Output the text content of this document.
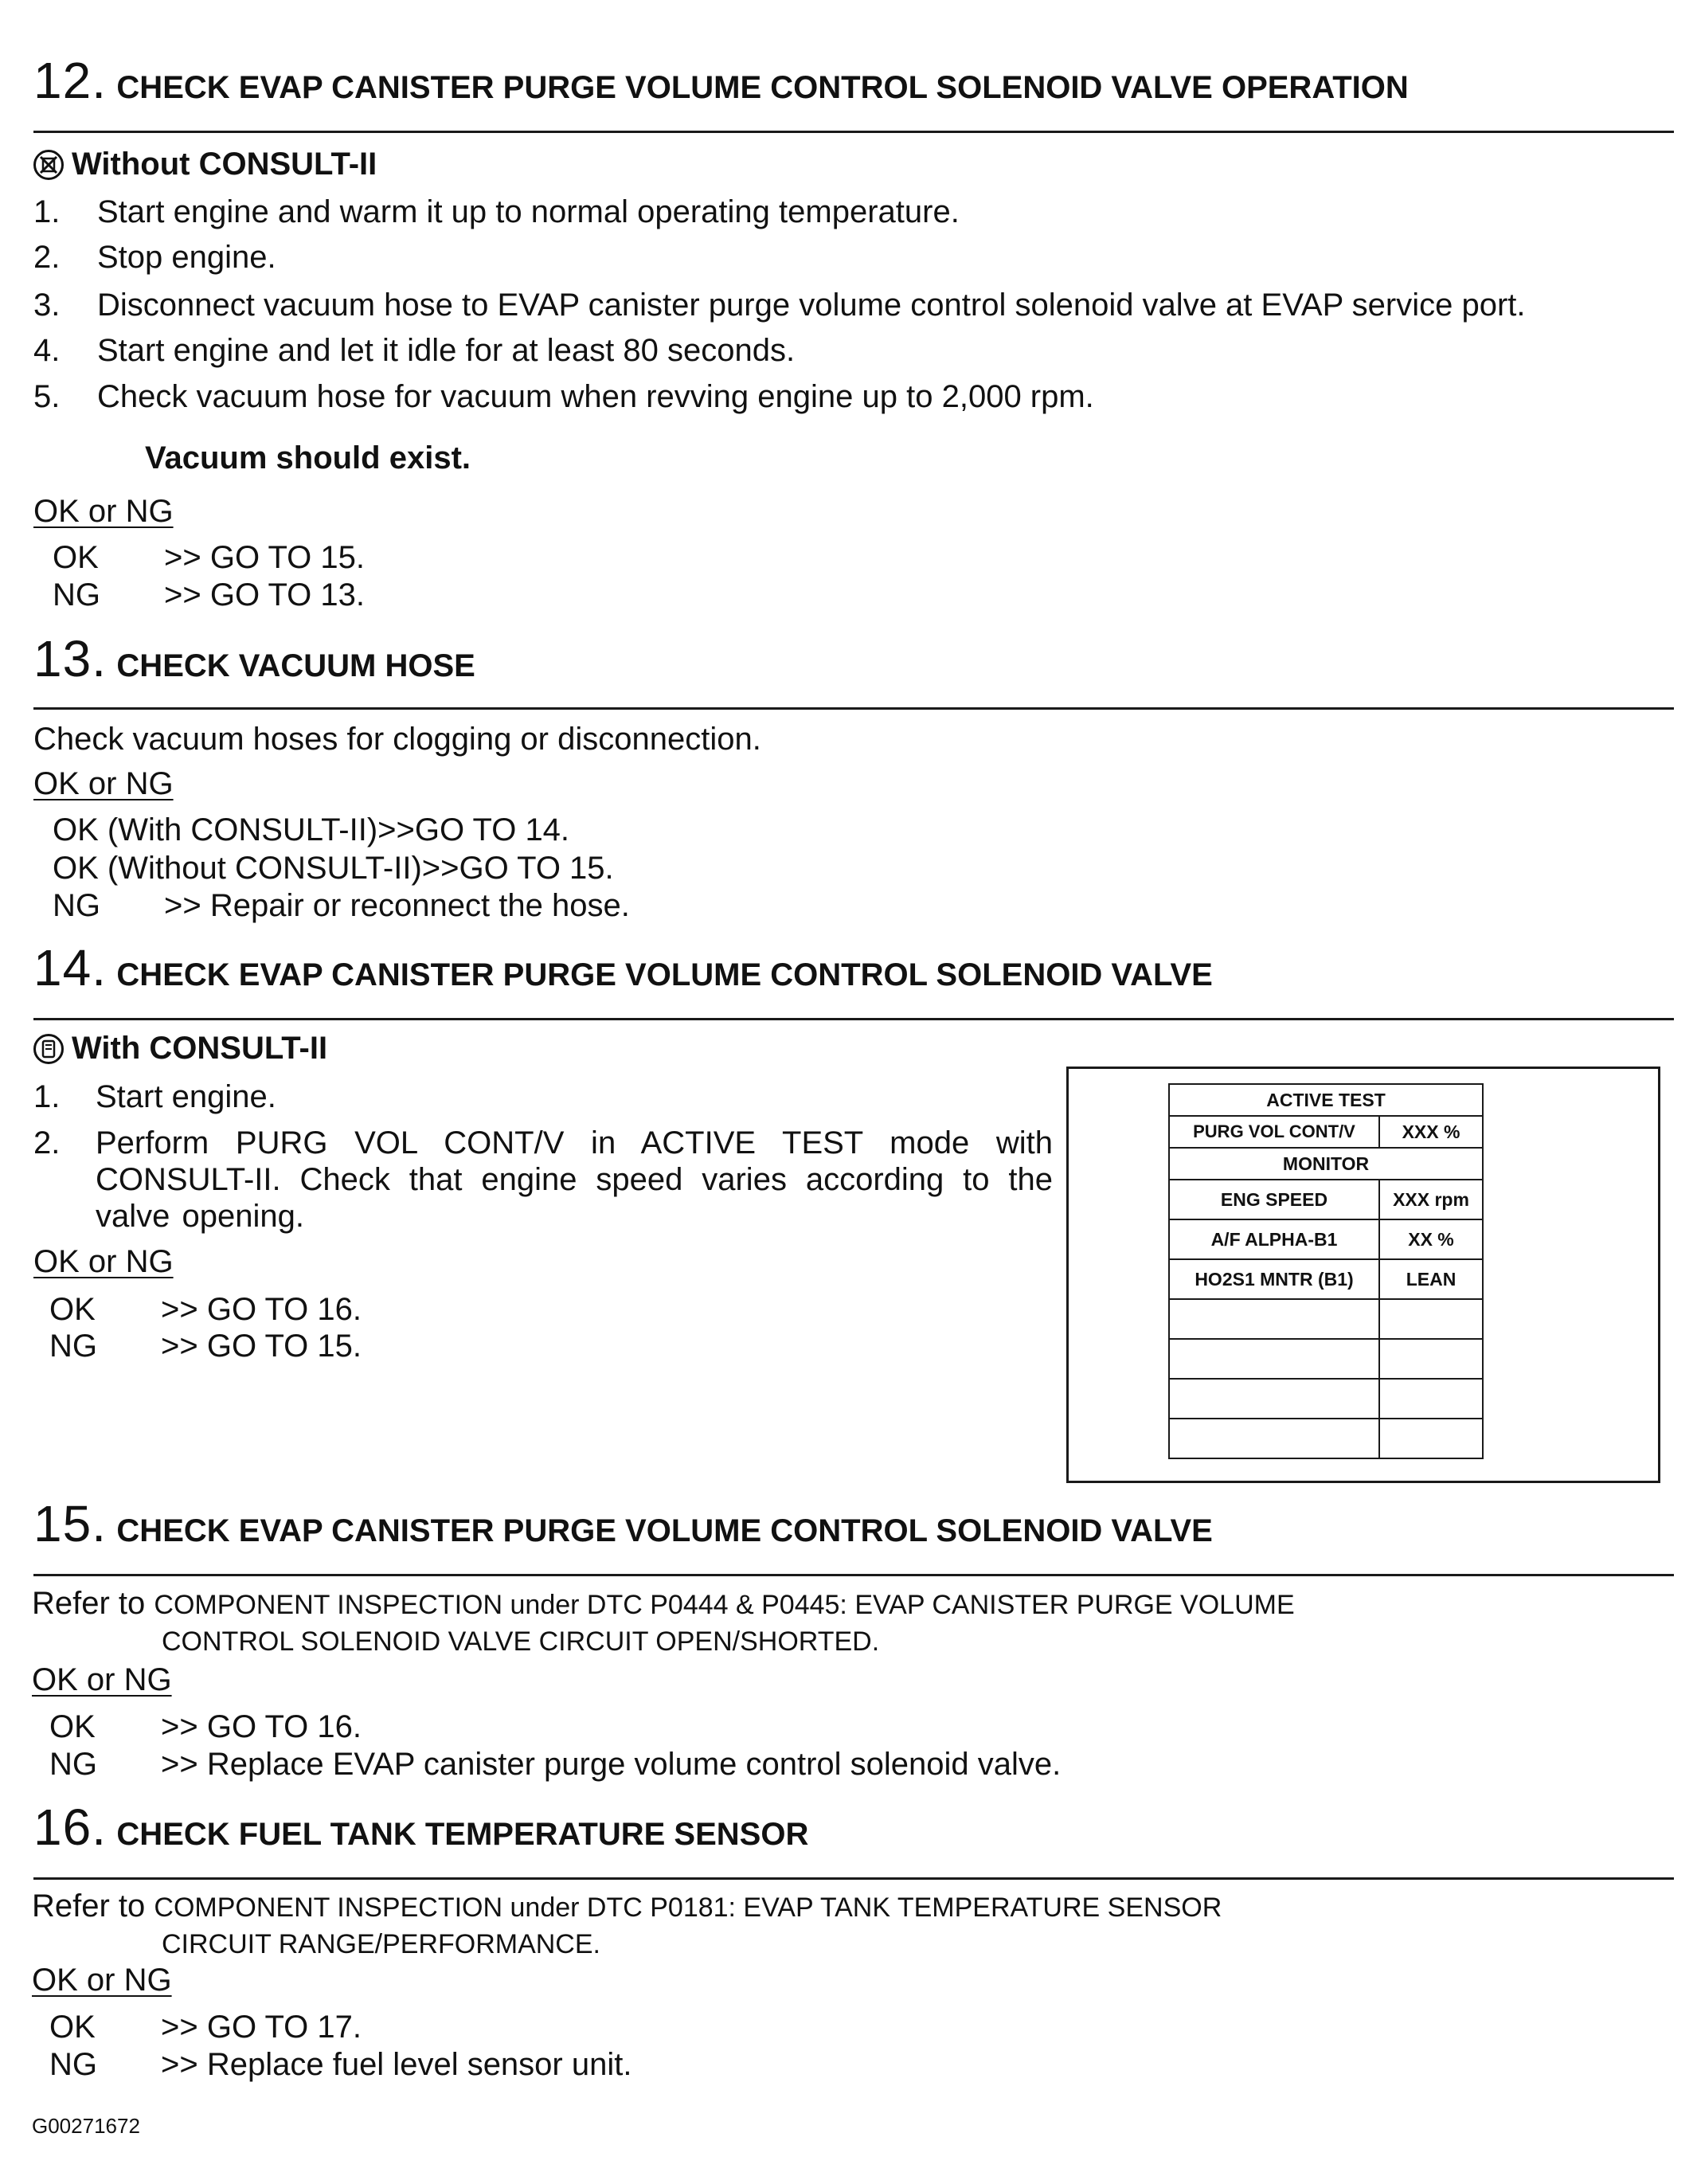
12. CHECK EVAP CANISTER PURGE VOLUME CONTROL SOLENOID VALVE OPERATION
Without CONSULT-II
1.	Start engine and warm it up to normal operating temperature.
2.	Stop engine.
3.	Disconnect vacuum hose to EVAP canister purge volume control solenoid valve at EVAP service port.
4.	Start engine and let it idle for at least 80 seconds.
5.	Check vacuum hose for vacuum when revving engine up to 2,000 rpm.
Vacuum should exist.
OK or NG
OK >> GO TO 15.
NG >> GO TO 13.
13. CHECK VACUUM HOSE
Check vacuum hoses for clogging or disconnection.
OK or NG
OK (With CONSULT-II)>>GO TO 14.
OK (Without CONSULT-II)>>GO TO 15.
NG >> Repair or reconnect the hose.
14. CHECK EVAP CANISTER PURGE VOLUME CONTROL SOLENOID VALVE
With CONSULT-II
1.	Start engine.
2.	Perform PURG VOL CONT/V in ACTIVE TEST mode with CONSULT-II. Check that engine speed varies according to the valve opening.
OK or NG
OK >> GO TO 16.
NG >> GO TO 15.
ACTIVE TEST	
PURG VOL CONT/V	XXX %
MONITOR	
ENG SPEED	XXX rpm
A/F ALPHA-B1	XX %
HO2S1 MNTR (B1)	LEAN

15. CHECK EVAP CANISTER PURGE VOLUME CONTROL SOLENOID VALVE
Refer to COMPONENT INSPECTION under DTC P0444 & P0445: EVAP CANISTER PURGE VOLUME
CONTROL SOLENOID VALVE CIRCUIT OPEN/SHORTED.
OK or NG
OK >> GO TO 16.
NG >> Replace EVAP canister purge volume control solenoid valve.
16. CHECK FUEL TANK TEMPERATURE SENSOR
Refer to COMPONENT INSPECTION under DTC P0181: EVAP TANK TEMPERATURE SENSOR
CIRCUIT RANGE/PERFORMANCE.
OK or NG
OK >> GO TO 17.
NG >> Replace fuel level sensor unit.
G00271672
